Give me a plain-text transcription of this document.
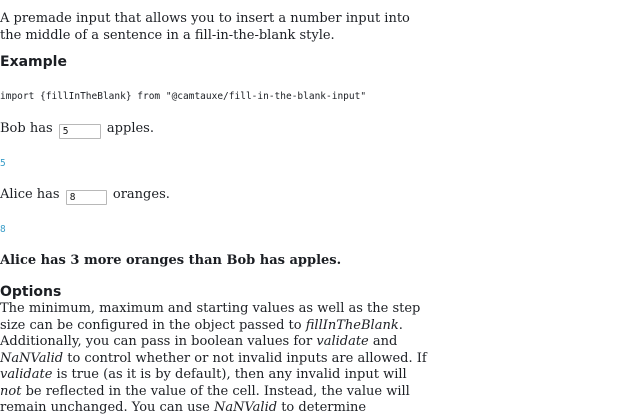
A premade input that allows you to insert a number input into the middle of a sentence in a fill-in-the-blank style.

Example
import {fillInTheBlank} from "@camtauxe/fill-in-the-blank-input"
Bob has 5	apples.
5
Alice has 8	oranges.
8

Alice has 3 more oranges than Bob has apples.

Options

The minimum, maximum and starting values as well as the step size can be configured in the object passed to fillInTheBlank. Additionally, you can pass in boolean values for validate and NaNValid to control whether or not invalid inputs are allowed. If validate is true (as it is by default), then any invalid input will not be reflected in the value of the cell. Instead, the value will remain unchanged. You can use NaNValid to determine
